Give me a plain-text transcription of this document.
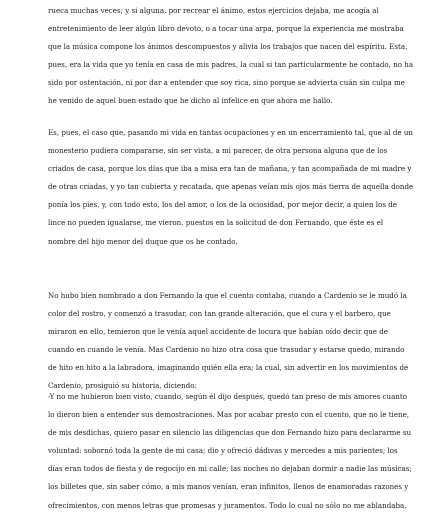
rueca muchas veces; y si alguna, por recrear el ánimo, estos ejercicios dejaba, me acogía al
entretenimiento de leer algún libro devoto, o a tocar una arpa, porque la experiencia me mostraba
que la música compone los ánimos descompuestos y alivia los trabajos que nacen del espíritu. Esta,
pues, era la vida que yo tenía en casa de mis padres, la cual si tan particularmente he contado, no ha
sido por ostentación, ni por dar a entender que soy rica, sino porque se advierta cuán sin culpa me
he venido de aquel buen estado que he dicho al infelice en que ahora me hallo.
Es, pues, el caso que, pasando mi vida en tantas ocupaciones y en un encerramiento tal, que al de un
monesterio pudiera compararse, sin ser vista, a mi parecer, de otra persona alguna que de los
criados de casa, porque los días que iba a misa era tan de mañana, y tan acompañada de mi madre y
de otras criadas, y yo tan cubierta y recatada, que apenas veían mis ojos más tierra de aquella donde
ponía los pies, y, con todo esto, los del amor, o los de la ociosidad, por mejor decir, a quien los de
lince no pueden igualarse, me vieron, puestos en la solicitud de don Fernando, que éste es el
nombre del hijo menor del duque que os he contado.
No hubo bien nombrado a don Fernando la que el cuento contaba, cuando a Cardenio se le mudó la
color del rostro, y comenzó a trasudar, con tan grande alteración, que el cura y el barbero, que
miraron en ello, temieron que le venía aquel accidente de locura que habían oído decir que de
cuando en cuando le venía. Mas Cardenio no hizo otra cosa que trasudar y estarse quedo, mirando
de hito en hito a la labradora, imaginando quién ella era; la cual, sin advertir en los movimientos de
Cardenio, prosiguió su historia, diciendo:
-Y no me hubieron bien visto, cuando, según él dijo después, quedó tan preso de mis amores cuanto
lo dieron bien a entender sus demostraciones. Mas por acabar presto con el cuento, que no le tiene,
de mis desdichas, quiero pasar en silencio las diligencias que don Fernando hizo para declararme su
voluntad: sobornó toda la gente de mi casa; dio y ofreció dádivas y mercedes a mis parientes; los
días eran todos de fiesta y de regocijo en mi calle; las noches no dejaban dormir a nadie las músicas;
los billetes que, sin saber cómo, a mis manos venían, eran infinitos, llenos de enamoradas razones y
ofrecimientos, con menos letras que promesas y juramentos. Todo lo cual no sólo no me ablandaba,
